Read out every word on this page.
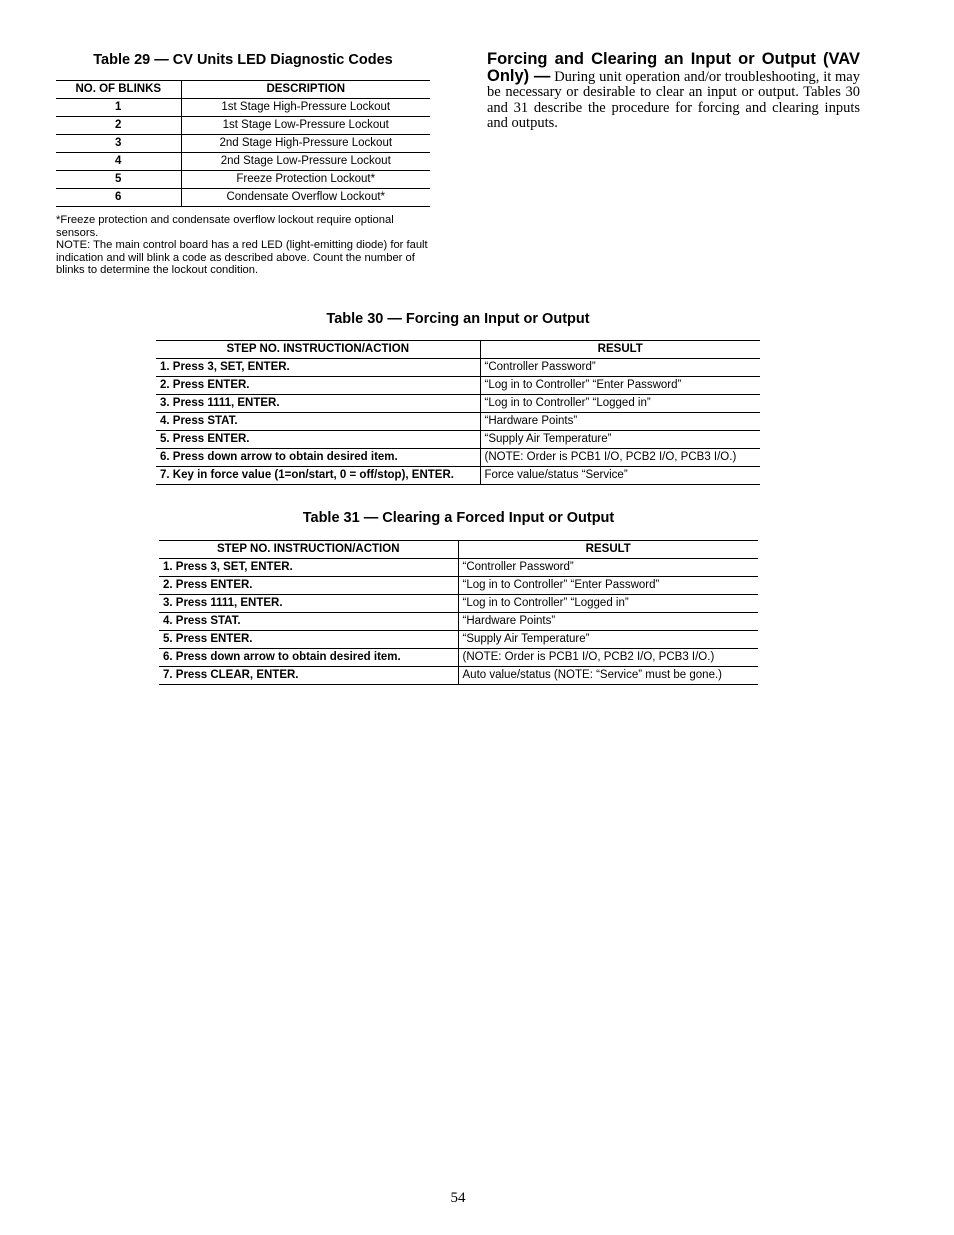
Table 29 — CV Units LED Diagnostic Codes
NO. OF BLINKS	DESCRIPTION
1	1st Stage High-Pressure Lockout
2	1st Stage Low-Pressure Lockout
3	2nd Stage High-Pressure Lockout
4	2nd Stage Low-Pressure Lockout
5	Freeze Protection Lockout*
6	Condensate Overflow Lockout*
*Freeze protection and condensate overflow lockout require optional sensors.
NOTE: The main control board has a red LED (light-emitting diode) for fault indication and will blink a code as described above. Count the number of blinks to determine the lockout condition.

Forcing and Clearing an Input or Output (VAV Only) — During unit operation and/or troubleshooting, it may be necessary or desirable to clear an input or output. Tables 30 and 31 describe the procedure for forcing and clearing inputs and outputs.

Table 30 — Forcing an Input or Output
STEP NO. INSTRUCTION/ACTION	RESULT
1. Press 3, SET, ENTER.	“Controller Password”
2. Press ENTER.	“Log in to Controller” “Enter Password”
3. Press 1111, ENTER.	“Log in to Controller” “Logged in”
4. Press STAT.	“Hardware Points”
5. Press ENTER.	“Supply Air Temperature”
6. Press down arrow to obtain desired item.	(NOTE: Order is PCB1 I/O, PCB2 I/O, PCB3 I/O.)
7. Key in force value (1=on/start, 0 = off/stop), ENTER.	Force value/status “Service”
Table 31 — Clearing a Forced Input or Output
STEP NO. INSTRUCTION/ACTION	RESULT
1. Press 3, SET, ENTER.	“Controller Password”
2. Press ENTER.	“Log in to Controller” “Enter Password”
3. Press 1111, ENTER.	“Log in to Controller” “Logged in”
4. Press STAT.	“Hardware Points”
5. Press ENTER.	“Supply Air Temperature”
6. Press down arrow to obtain desired item.	(NOTE: Order is PCB1 I/O, PCB2 I/O, PCB3 I/O.)
7. Press CLEAR, ENTER.	Auto value/status (NOTE: “Service” must be gone.)
54
